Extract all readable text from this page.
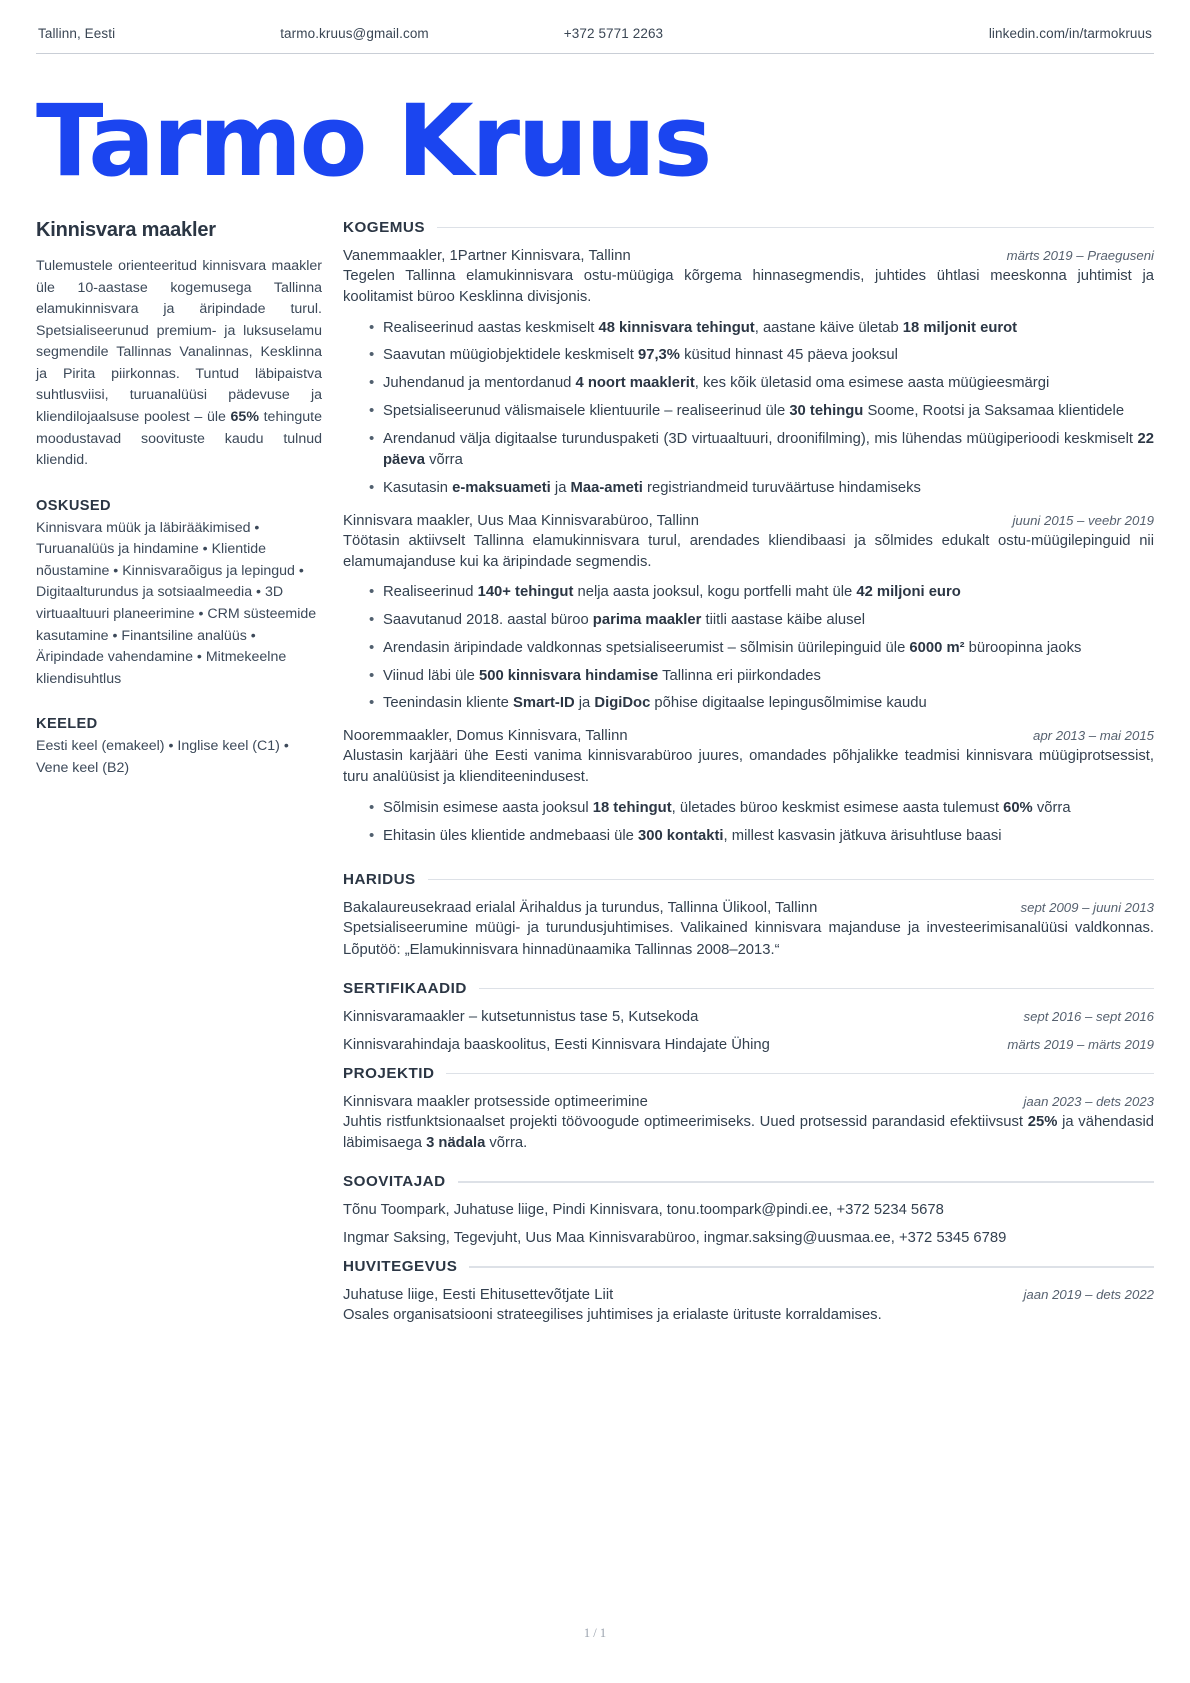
Tallinn, Eesti	tarmo.kruus@gmail.com	+372 5771 2263	linkedin.com/in/tarmokruus
Tarmo Kruus
Kinnisvara maakler

Tulemustele orienteeritud kinnisvara maakler üle 10-aastase kogemusega Tallinna elamukinnisvara ja äripindade turul. Spetsialiseerunud premium- ja luksuselamu segmendile Tallinnas Vanalinnas, Kesklinna ja Pirita piirkonnas. Tuntud läbipaistva suhtlusviisi, turuanalüüsi pädevuse ja kliendilojaalsuse poolest – üle 65% tehingute moodustavad soovituste kaudu tulnud kliendid.

OSKUSED

Kinnisvara müük ja läbirääkimised • Turuanalüüs ja hindamine • Klientide nõustamine • Kinnisvaraõigus ja lepingud • Digitaalturundus ja sotsiaalmeedia • 3D virtuaaltuuri planeerimine • CRM süsteemide kasutamine • Finantsiline analüüs • Äripindade vahendamine • Mitmekeelne kliendisuhtlus

KEELED

Eesti keel (emakeel) • Inglise keel (C1) • Vene keel (B2)

KOGEMUS
Vanemmaakler, 1Partner Kinnisvara, Tallinn	märts 2019 – Praeguseni

Tegelen Tallinna elamukinnisvara ostu-müügiga kõrgema hinnasegmendis, juhtides ühtlasi meeskonna juhtimist ja koolitamist büroo Kesklinna divisjonis.

• Realiseerinud aastas keskmiselt 48 kinnisvara tehingut, aastane käive ületab 18 miljonit eurot
• Saavutan müügiobjektidele keskmiselt 97,3% küsitud hinnast 45 päeva jooksul
• Juhendanud ja mentordanud 4 noort maaklerit, kes kõik ületasid oma esimese aasta müügieesmärgi
• Spetsialiseerunud välismaisele klientuurile – realiseerinud üle 30 tehingu Soome, Rootsi ja Saksamaa klientidele
• Arendanud välja digitaalse turunduspaketi (3D virtuaaltuuri, droonifilming), mis lühendas müügiperioodi keskmiselt 22 päeva võrra
• Kasutasin e-maksuameti ja Maa-ameti registriandmeid turuväärtuse hindamiseks
Kinnisvara maakler, Uus Maa Kinnisvarabüroo, Tallinn	juuni 2015 – veebr 2019

Töötasin aktiivselt Tallinna elamukinnisvara turul, arendades kliendibaasi ja sõlmides edukalt ostu-müügilepinguid nii elamumajanduse kui ka äripindade segmendis.

• Realiseerinud 140+ tehingut nelja aasta jooksul, kogu portfelli maht üle 42 miljoni euro
• Saavutanud 2018. aastal büroo parima maakler tiitli aastase käibe alusel
• Arendasin äripindade valdkonnas spetsialiseerumist – sõlmisin üürilepinguid üle 6000 m² büroopinna jaoks
• Viinud läbi üle 500 kinnisvara hindamise Tallinna eri piirkondades
• Teenindasin kliente Smart-ID ja DigiDoc põhise digitaalse lepingusõlmimise kaudu
Nooremmaakler, Domus Kinnisvara, Tallinn	apr 2013 – mai 2015

Alustasin karjääri ühe Eesti vanima kinnisvarabüroo juures, omandades põhjalikke teadmisi kinnisvara müügiprotsessist, turu analüüsist ja klienditeenindusest.

• Sõlmisin esimese aasta jooksul 18 tehingut, ületades büroo keskmist esimese aasta tulemust 60% võrra
• Ehitasin üles klientide andmebaasi üle 300 kontakti, millest kasvasin jätkuva ärisuhtluse baasi
HARIDUS
Bakalaureusekraad erialal Ärihaldus ja turundus, Tallinna Ülikool, Tallinn	sept 2009 – juuni 2013

Spetsialiseerumine müügi- ja turundusjuhtimises. Valikained kinnisvara majanduse ja investeerimisanalüüsi valdkonnas. Lõputöö: „Elamukinnisvara hinnadünaamika Tallinnas 2008–2013.“

SERTIFIKAADID
Kinnisvaramaakler – kutsetunnistus tase 5, Kutsekoda	sept 2016 – sept 2016
Kinnisvarahindaja baaskoolitus, Eesti Kinnisvara Hindajate Ühing	märts 2019 – märts 2019
PROJEKTID
Kinnisvara maakler protsesside optimeerimine	jaan 2023 – dets 2023

Juhtis ristfunktsionaalset projekti töövoogude optimeerimiseks. Uued protsessid parandasid efektiivsust 25% ja vähendasid läbimisaega 3 nädala võrra.

SOOVITAJAD
Tõnu Toompark, Juhatuse liige, Pindi Kinnisvara, tonu.toompark@pindi.ee, +372 5234 5678
Ingmar Saksing, Tegevjuht, Uus Maa Kinnisvarabüroo, ingmar.saksing@uusmaa.ee, +372 5345 6789
HUVITEGEVUS
Juhatuse liige, Eesti Ehitusettevõtjate Liit	jaan 2019 – dets 2022

Osales organisatsiooni strateegilises juhtimises ja erialaste ürituste korraldamises.

1 / 1
